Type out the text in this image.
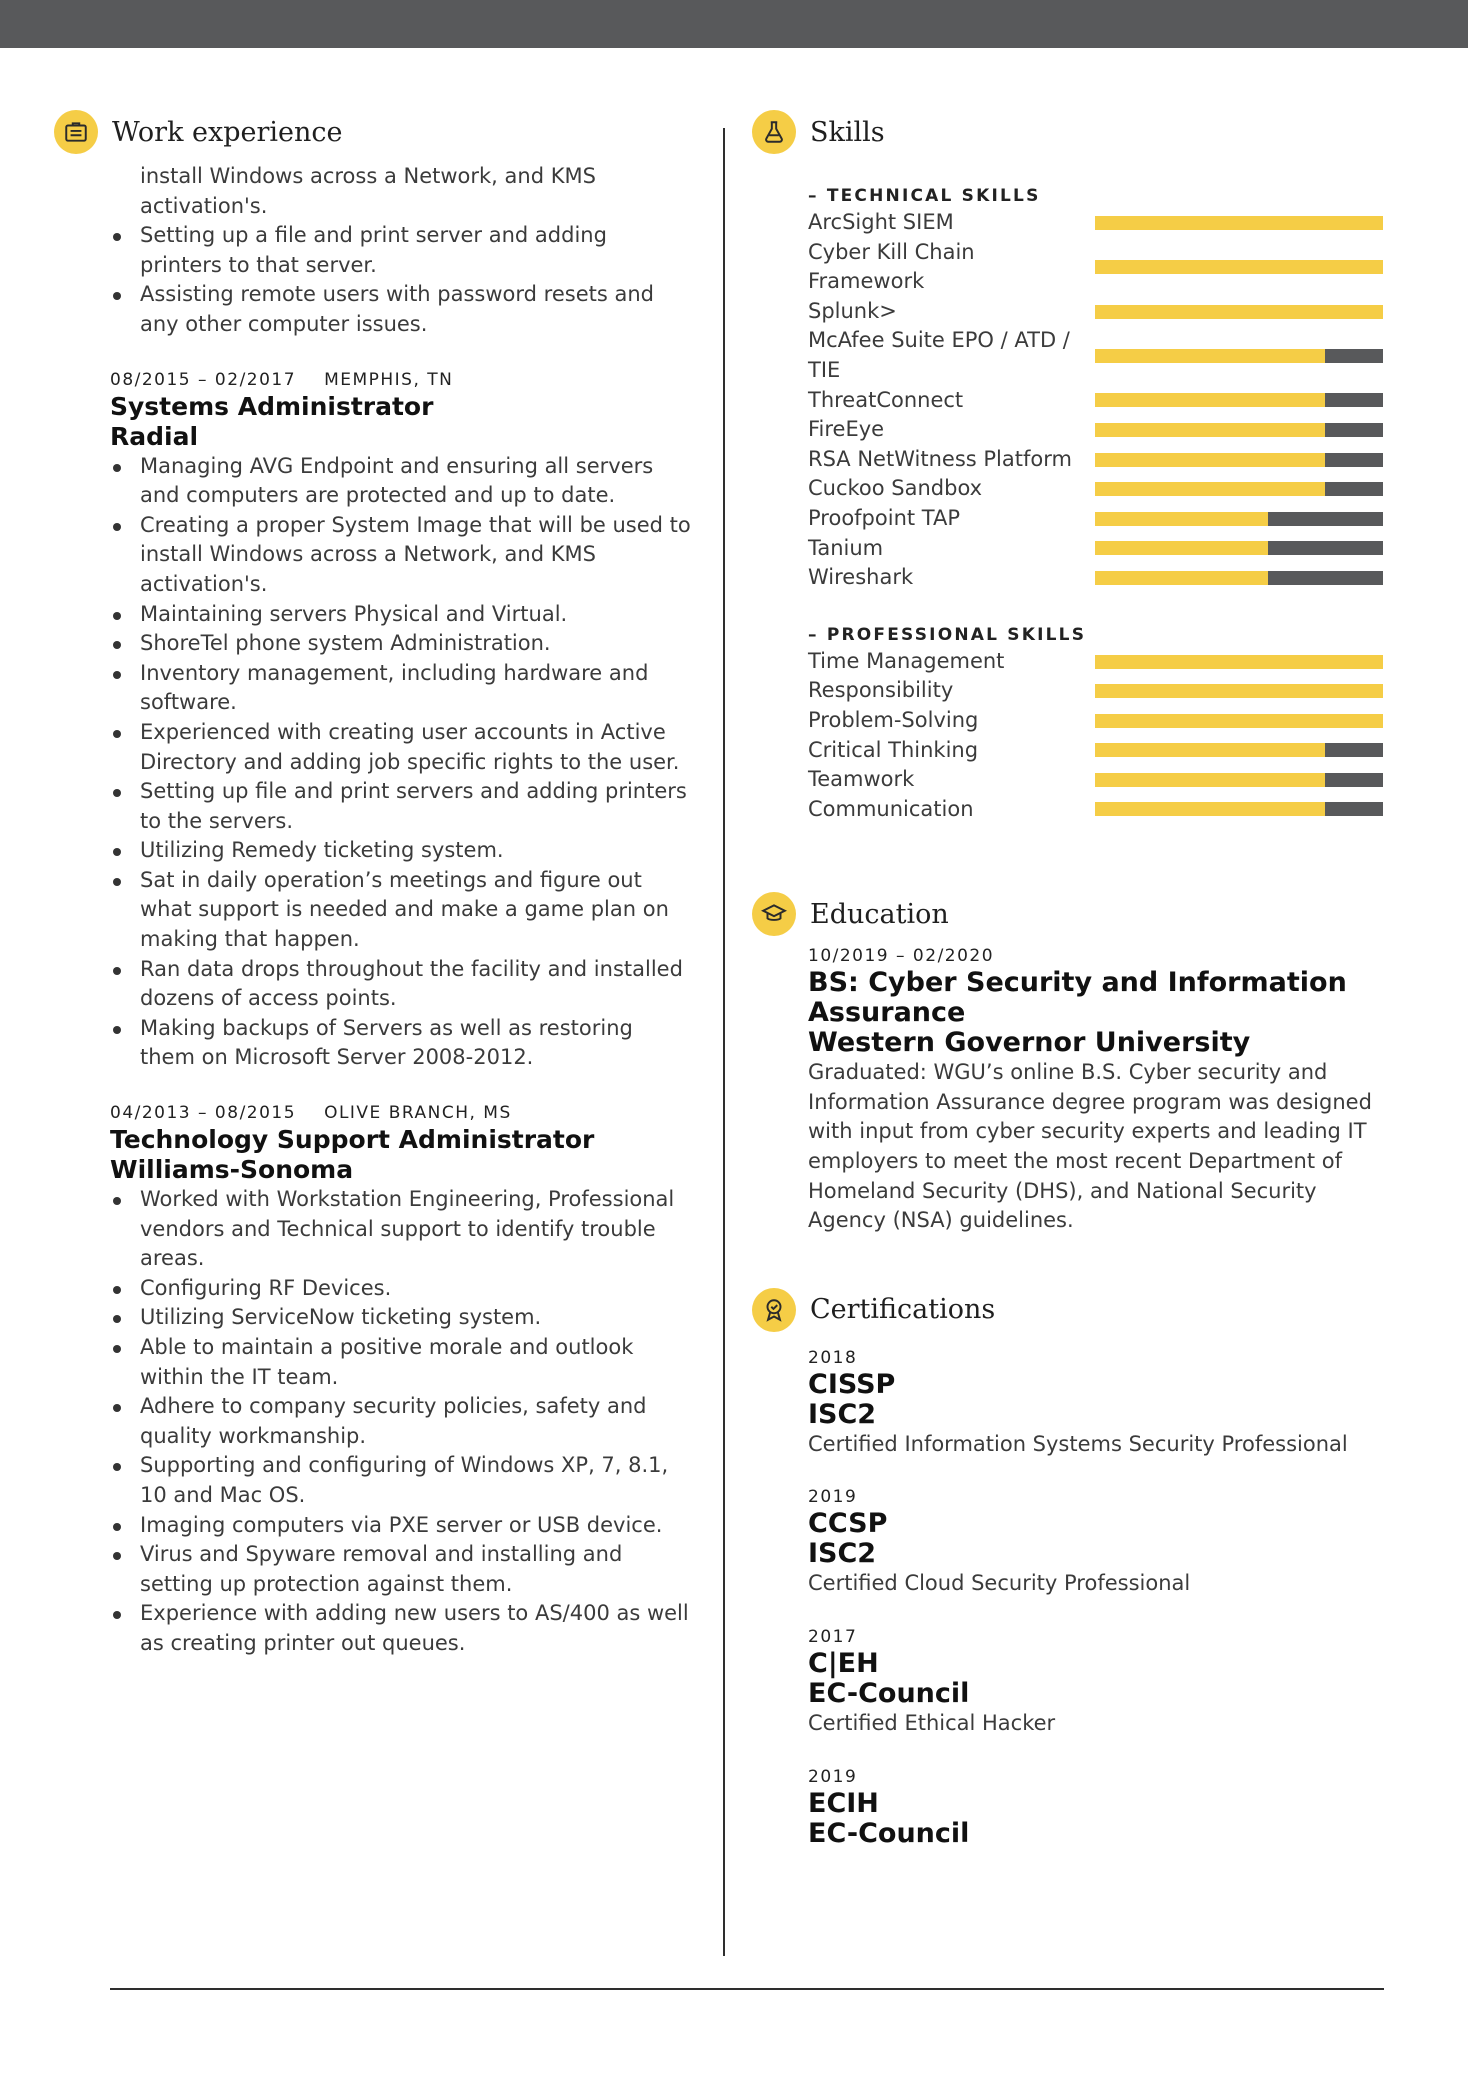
Work experience
install Windows across a Network, and KMS activation's.
Setting up a file and print server and adding printers to that server.
Assisting remote users with password resets and any other computer issues.
08/2015 – 02/2017 MEMPHIS, TN
Systems Administrator
Radial
Managing AVG Endpoint and ensuring all servers and computers are protected and up to date.
Creating a proper System Image that will be used to install Windows across a Network, and KMS activation's.
Maintaining servers Physical and Virtual.
ShoreTel phone system Administration.
Inventory management, including hardware and software.
Experienced with creating user accounts in Active Directory and adding job specific rights to the user.
Setting up file and print servers and adding printers to the servers.
Utilizing Remedy ticketing system.
Sat in daily operation’s meetings and figure out what support is needed and make a game plan on making that happen.
Ran data drops throughout the facility and installed dozens of access points.
Making backups of Servers as well as restoring them on Microsoft Server 2008-2012.
04/2013 – 08/2015 OLIVE BRANCH, MS
Technology Support Administrator
Williams-Sonoma
Worked with Workstation Engineering, Professional vendors and Technical support to identify trouble areas.
Configuring RF Devices.
Utilizing ServiceNow ticketing system.
Able to maintain a positive morale and outlook within the IT team.
Adhere to company security policies, safety and quality workmanship.
Supporting and configuring of Windows XP, 7, 8.1, 10 and Mac OS.
Imaging computers via PXE server or USB device.
Virus and Spyware removal and installing and setting up protection against them.
Experience with adding new users to AS/400 as well as creating printer out queues.
Skills
– TECHNICAL SKILLS
ArcSight SIEM
Cyber Kill Chain Framework
Splunk>
McAfee Suite EPO / ATD / TIE
ThreatConnect
FireEye
RSA NetWitness Platform
Cuckoo Sandbox
Proofpoint TAP
Tanium
Wireshark
– PROFESSIONAL SKILLS
Time Management
Responsibility
Problem-Solving
Critical Thinking
Teamwork
Communication
Education
10/2019 – 02/2020
BS: Cyber Security and Information Assurance
Western Governor University
Graduated: WGU’s online B.S. Cyber security and Information Assurance degree program was designed with input from cyber security experts and leading IT employers to meet the most recent Department of Homeland Security (DHS), and National Security Agency (NSA) guidelines.
Certifications
2018
CISSP
ISC2
Certified Information Systems Security Professional
2019
CCSP
ISC2
Certified Cloud Security Professional
2017
C|EH
EC-Council
Certified Ethical Hacker
2019
ECIH
EC-Council
